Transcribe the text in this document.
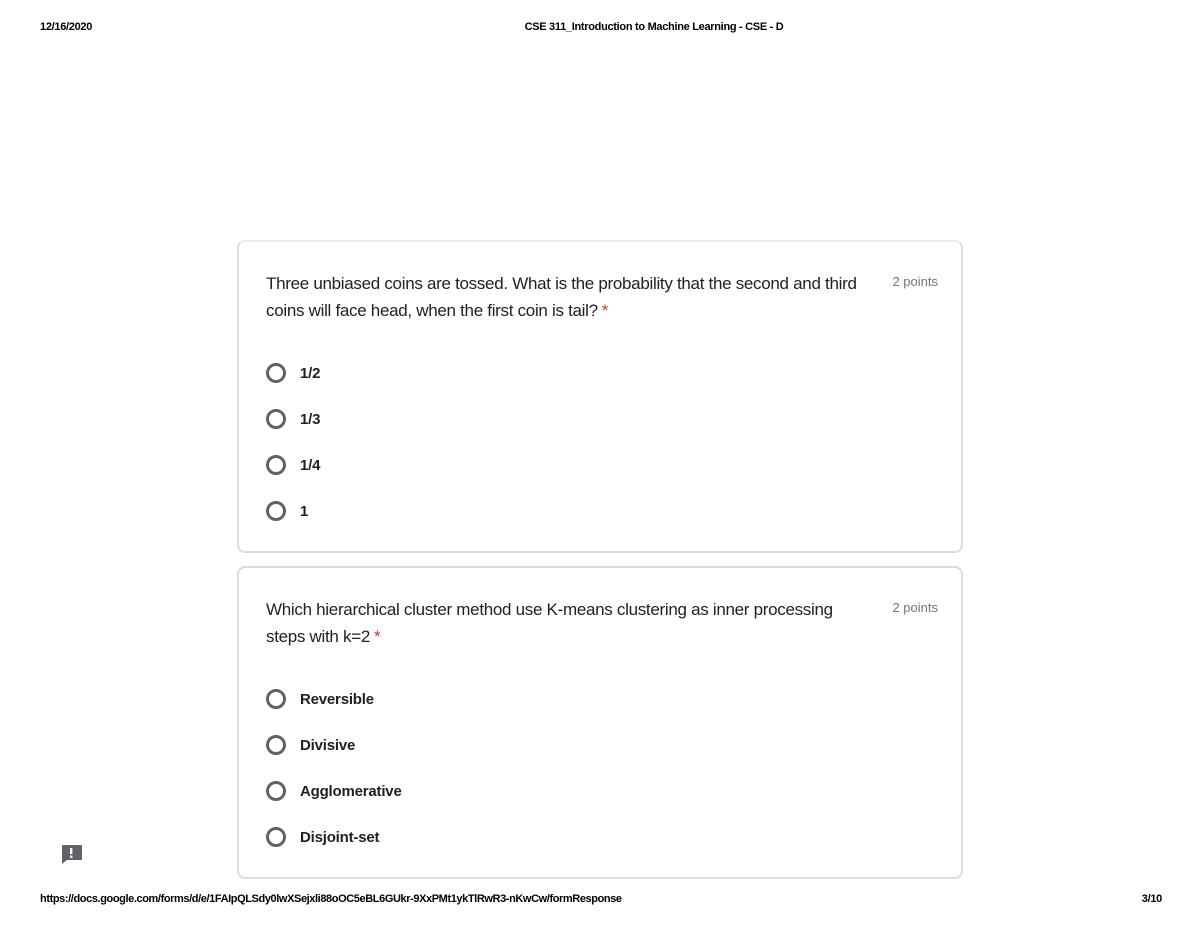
12/16/2020	CSE 311_Introduction to Machine Learning - CSE - D
Three unbiased coins are tossed. What is the probability that the second and third coins will face head, when the first coin is tail? *
2 points
1/2
1/3
1/4
1
Which hierarchical cluster method use K-means clustering as inner processing steps with k=2 *
2 points
Reversible
Divisive
Agglomerative
Disjoint-set
https://docs.google.com/forms/d/e/1FAIpQLSdy0lwXSejxli88oOC5eBL6GUkr-9XxPMt1ykTlRwR3-nKwCw/formResponse	3/10
